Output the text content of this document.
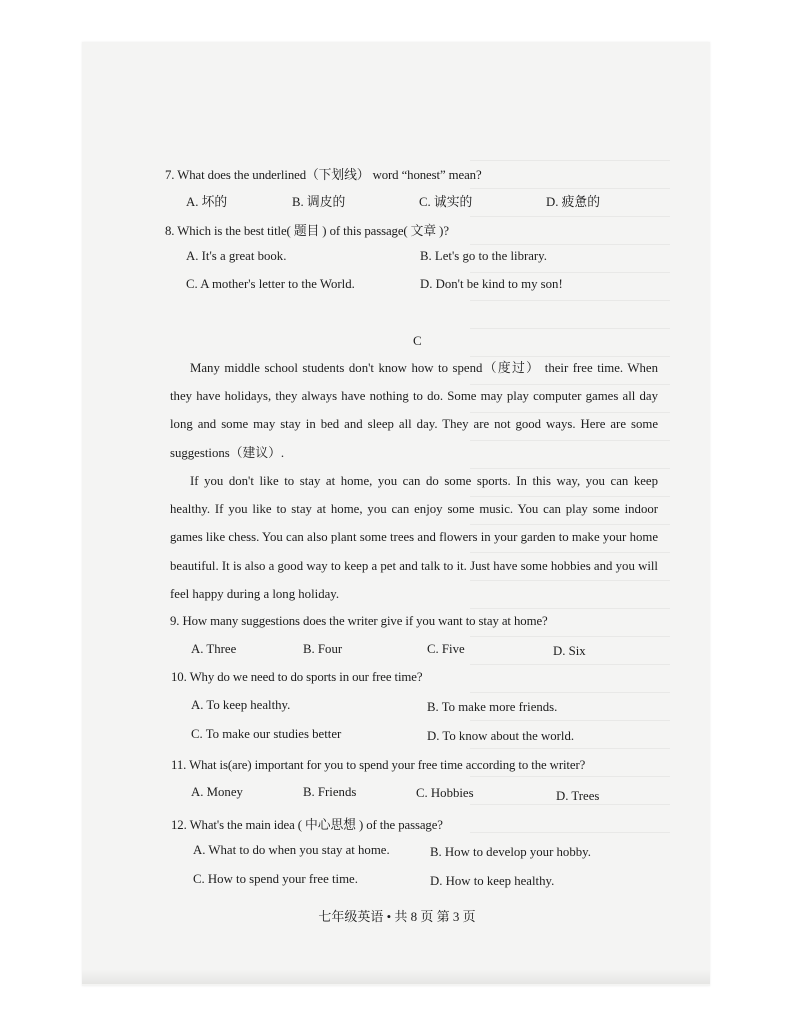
7. What does the underlined（下划线） word “honest” mean?
A. 坏的	B. 调皮的	C. 诚实的	D. 疲惫的
8. Which is the best title( 题目 ) of this passage( 文章 )?
A. It's a great book.	B. Let's go to the library.
C. A mother's letter to the World.	D. Don't be kind to my son!
C
Many middle school students don't know how to spend（度过） their free time. When they have holidays, they always have nothing to do. Some may play computer games all day long and some may stay in bed and sleep all day. They are not good ways. Here are some suggestions（建议）.
If you don't like to stay at home, you can do some sports. In this way, you can keep healthy. If you like to stay at home, you can enjoy some music. You can play some indoor games like chess. You can also plant some trees and flowers in your garden to make your home beautiful. It is also a good way to keep a pet and talk to it. Just have some hobbies and you will feel happy during a long holiday.
9. How many suggestions does the writer give if you want to stay at home?
A. Three	B. Four	C. Five	D. Six
10. Why do we need to do sports in our free time?
A. To keep healthy.	B. To make more friends.
C. To make our studies better	D. To know about the world.
11. What is(are) important for you to spend your free time according to the writer?
A. Money	B. Friends	C. Hobbies	D. Trees
12. What's the main idea ( 中心思想 ) of the passage?
A. What to do when you stay at home.	B. How to develop your hobby.
C. How to spend your free time.	D. How to keep healthy.
七年级英语 • 共 8 页 第 3 页
